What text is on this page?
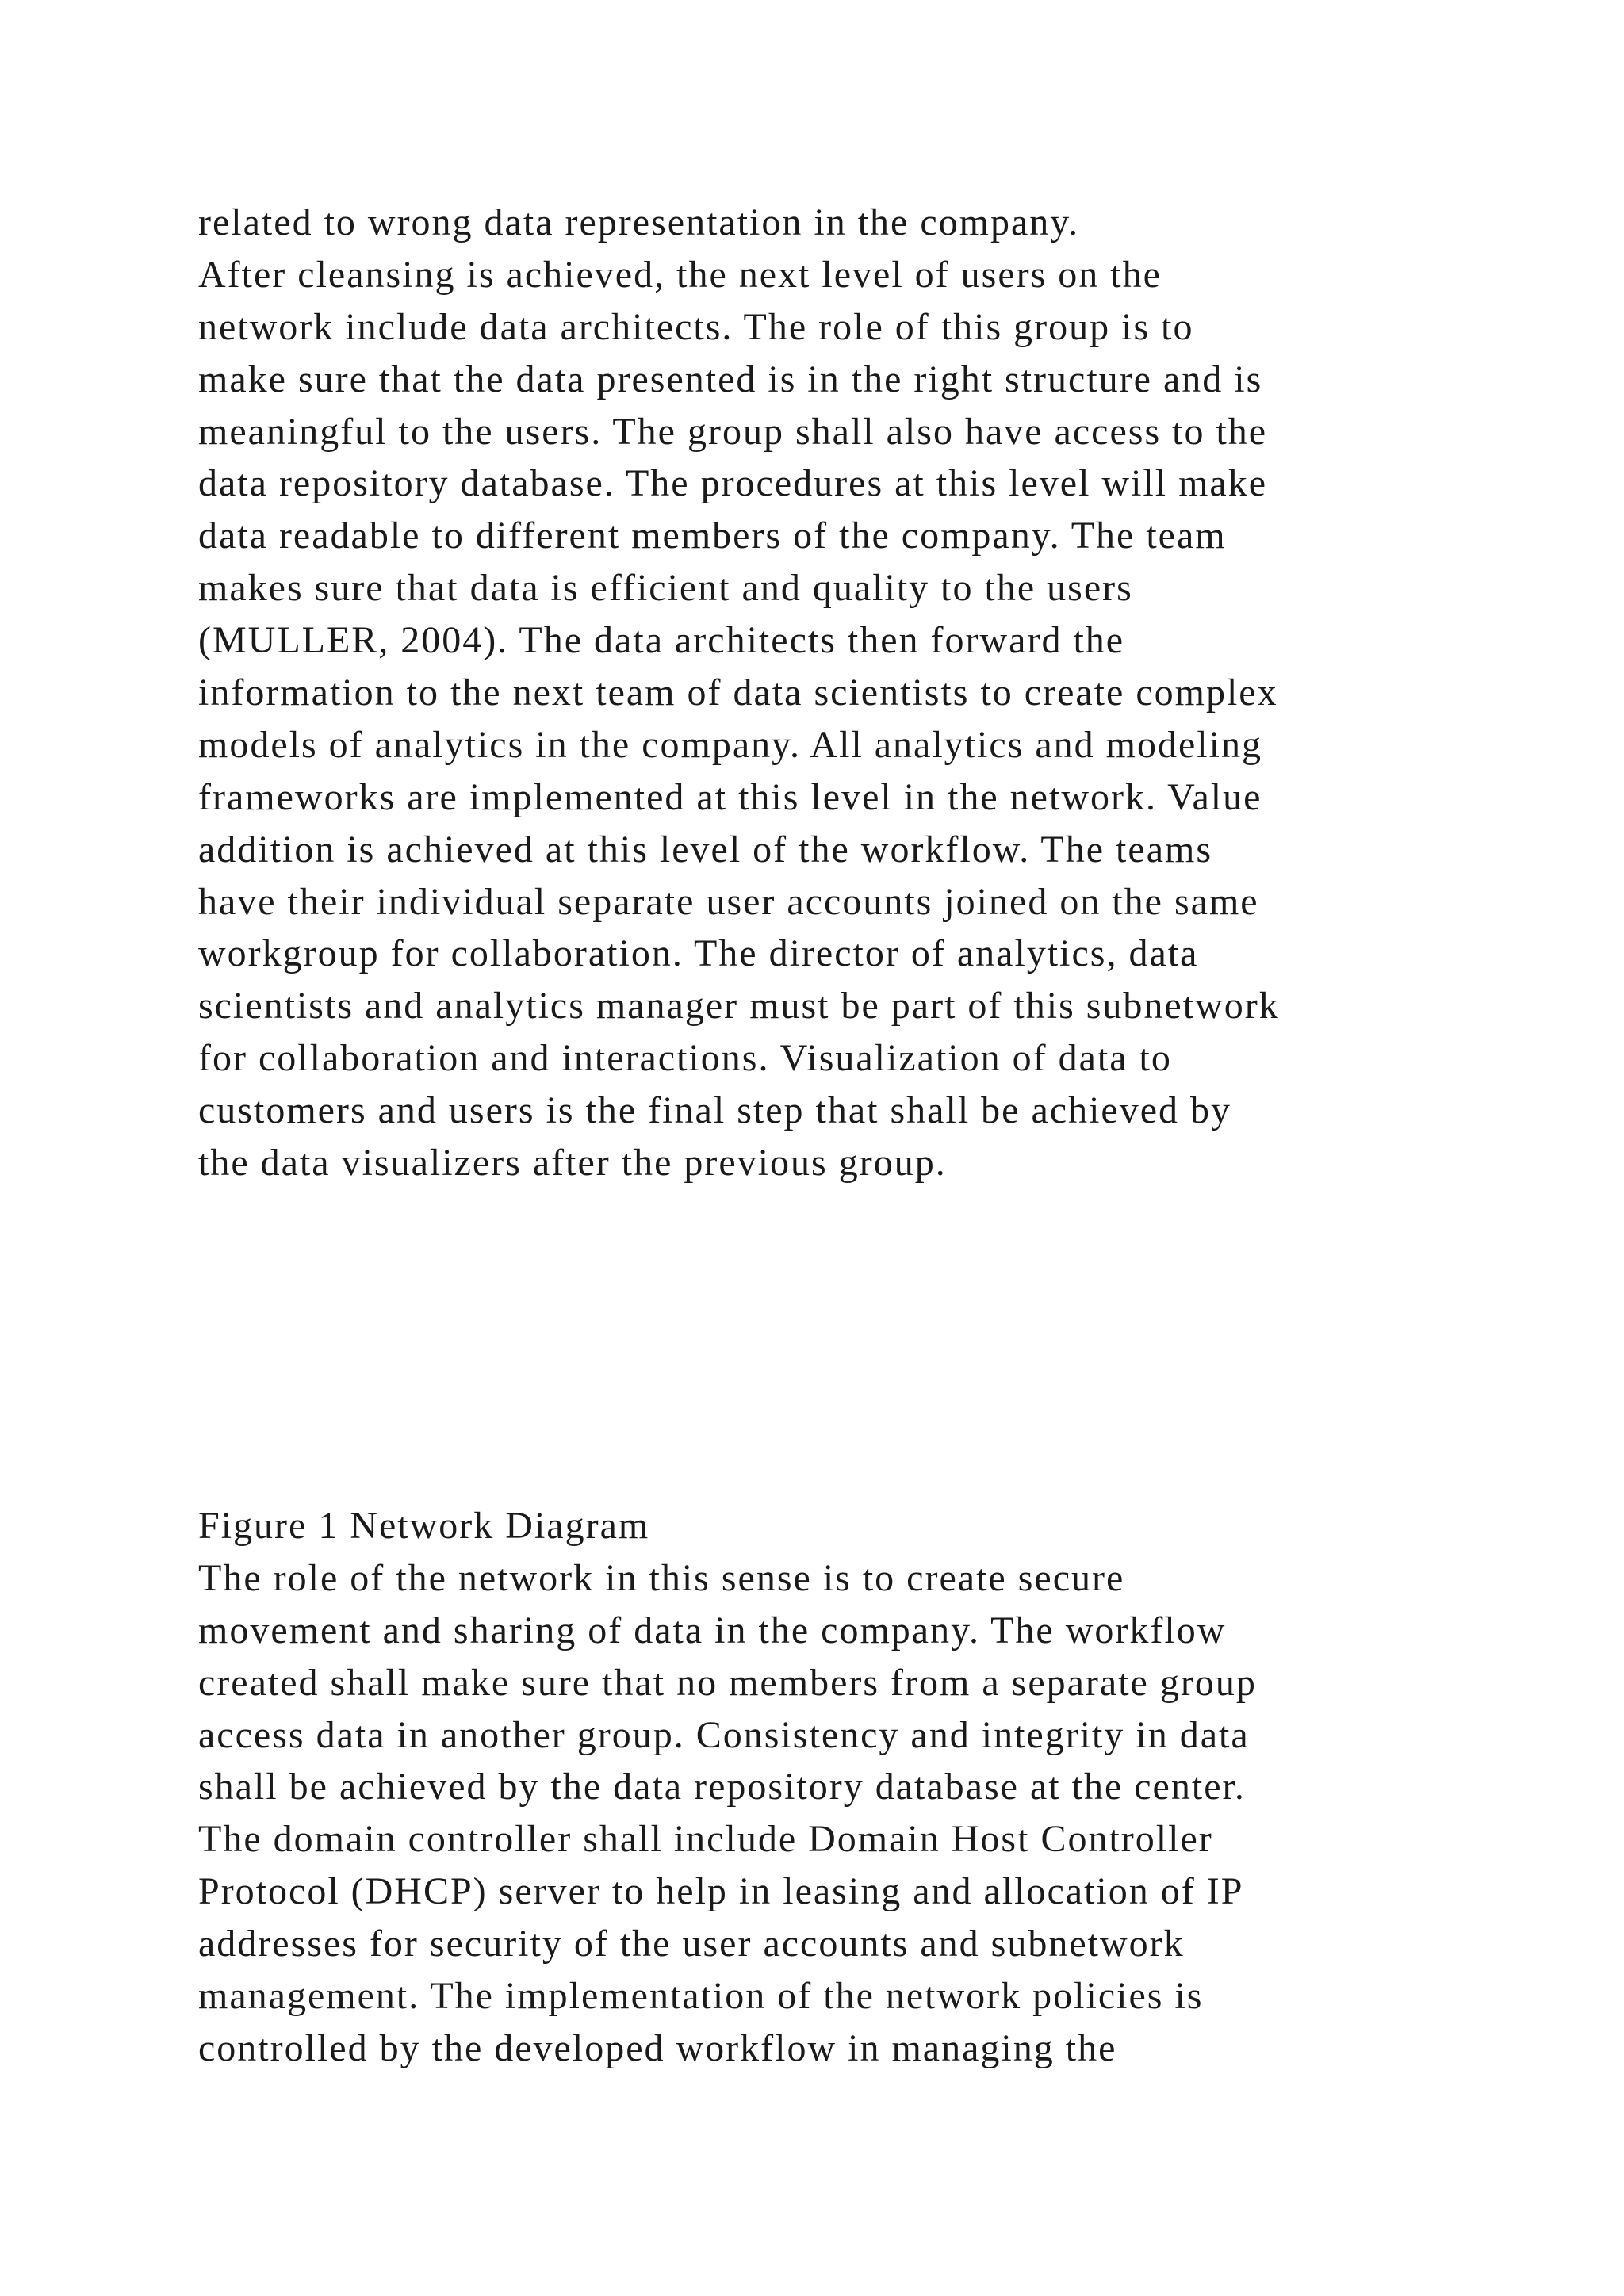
related to wrong data representation in the company.
After cleansing is achieved, the next level of users on the
network include data architects. The role of this group is to
make sure that the data presented is in the right structure and is
meaningful to the users. The group shall also have access to the
data repository database. The procedures at this level will make
data readable to different members of the company. The team
makes sure that data is efficient and quality to the users
(MULLER, 2004). The data architects then forward the
information to the next team of data scientists to create complex
models of analytics in the company. All analytics and modeling
frameworks are implemented at this level in the network. Value
addition is achieved at this level of the workflow. The teams
have their individual separate user accounts joined on the same
workgroup for collaboration. The director of analytics, data
scientists and analytics manager must be part of this subnetwork
for collaboration and interactions. Visualization of data to
customers and users is the final step that shall be achieved by
the data visualizers after the previous group.
Figure 1 Network Diagram
The role of the network in this sense is to create secure
movement and sharing of data in the company. The workflow
created shall make sure that no members from a separate group
access data in another group. Consistency and integrity in data
shall be achieved by the data repository database at the center.
The domain controller shall include Domain Host Controller
Protocol (DHCP) server to help in leasing and allocation of IP
addresses for security of the user accounts and subnetwork
management. The implementation of the network policies is
controlled by the developed workflow in managing the
